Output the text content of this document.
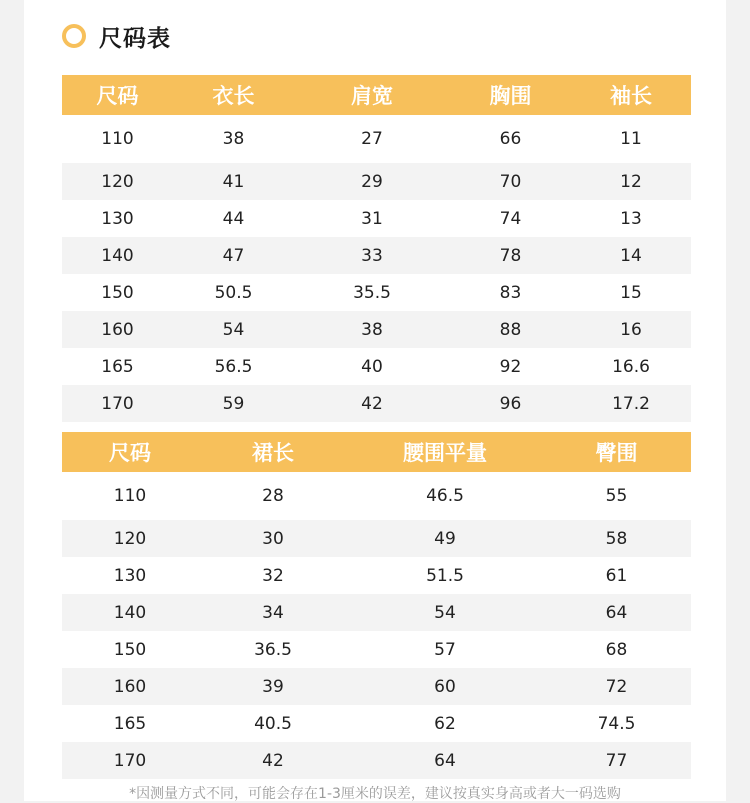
尺码表
尺码	衣长	肩宽	胸围	袖长
110	38	27	66	11
120	41	29	70	12
130	44	31	74	13
140	47	33	78	14
150	50.5	35.5	83	15
160	54	38	88	16
165	56.5	40	92	16.6
170	59	42	96	17.2
尺码	裙长	腰围平量	臀围
110	28	46.5	55
120	30	49	58
130	32	51.5	61
140	34	54	64
150	36.5	57	68
160	39	60	72
165	40.5	62	74.5
170	42	64	77
*因测量方式不同，可能会存在1-3厘米的误差，建议按真实身高或者大一码选购
